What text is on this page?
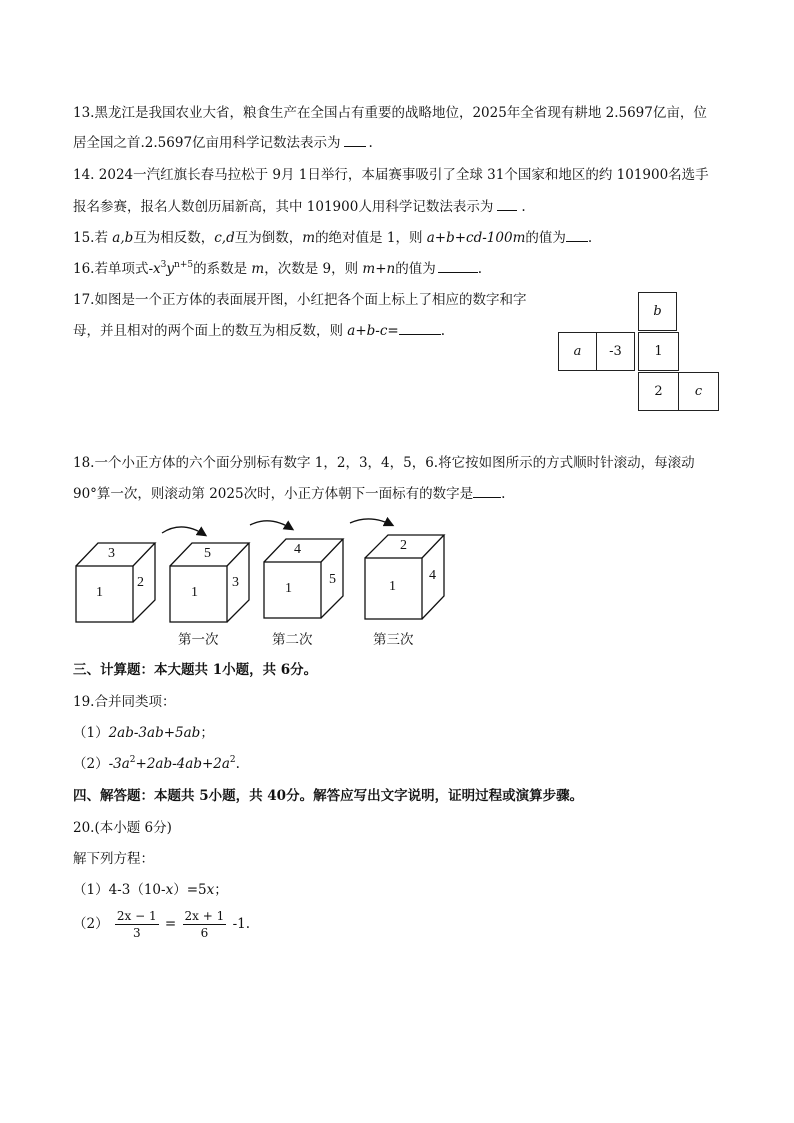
13.黑龙江是我国农业大省，粮食生产在全国占有重要的战略地位，2025年全省现有耕地 2.5697亿亩，位
居全国之首.2.5697亿亩用科学记数法表示为 .
14. 2024一汽红旗长春马拉松于 9月 1日举行，本届赛事吸引了全球 31个国家和地区的约 101900名选手
报名参赛，报名人数创历届新高，其中 101900人用科学记数法表示为 .
15.若 a,b互为相反数，c,d互为倒数，m的绝对值是 1，则 a+b+cd-100m的值为 .
16.若单项式$-x^3y^{n+5}$的系数是 m，次数是 9，则 m+n的值为	.
17.如图是一个正方体的表面展开图，小红把各个面上标上了相应的数字和字
母，并且相对的两个面上的数互为相反数，则 a+b-c=	.
b
a -3	1
2 c
18.一个小正方体的六个面分别标有数字 1，2，3，4，5，6.将它按如图所示的方式顺时针滚动，每滚动
90°算一次，则滚动第 2025次时，小正方体朝下一面标有的数字是 .
3
1
2
5
1
3
4
1
5
2
1
4
第一次	第二次	第三次
三、计算题：本大题共 1小题，共 6分。
19.合并同类项：
（1）2ab-3ab+5ab；
$(2)-3a^2+2ab-4ab+2a^2$.
四、解答题：本题共 5小题，共 40分。解答应写出文字说明，证明过程或演算步骤。
20.(本小题 6分)
解下列方程：
（1）4-3（10-x）=5x；
$(2) \frac{2x - 1}{3} = \frac{2x + 1}{6} -1$.
